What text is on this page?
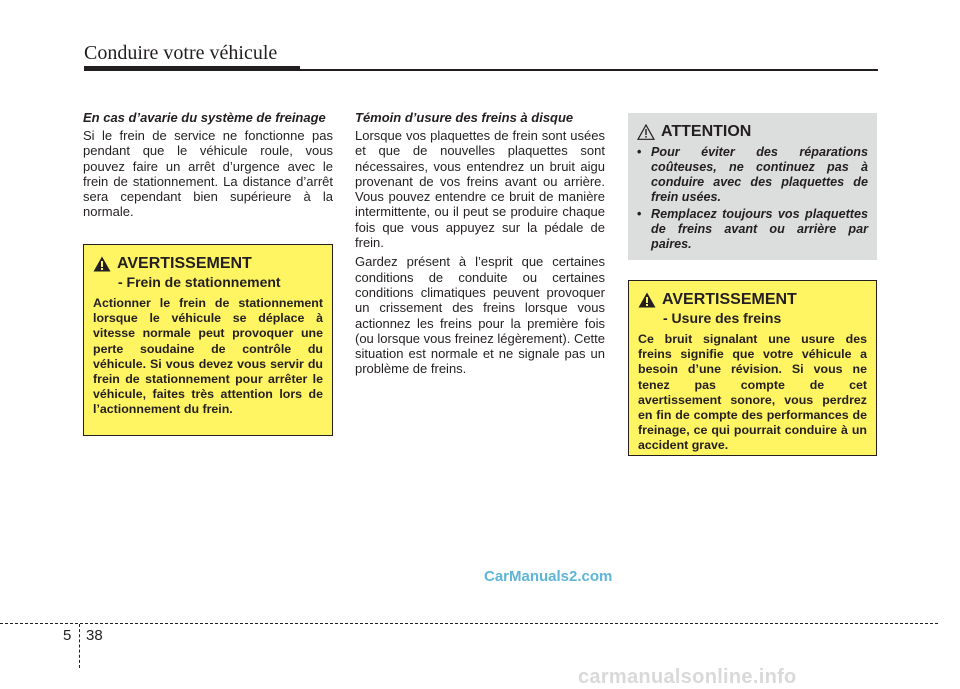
Conduire votre véhicule

En cas d’avarie du système de freinage

Si le frein de service ne fonctionne pas pendant que le véhicule roule, vous pouvez faire un arrêt d’urgence avec le frein de stationnement. La distance d’arrêt sera cependant bien supérieure à la normale.

AVERTISSEMENT
- Frein de stationnement

Actionner le frein de stationnement lorsque le véhicule se déplace à vitesse normale peut provoquer une perte soudaine de contrôle du véhicule. Si vous devez vous servir du frein de stationnement pour arrêter le véhicule, faites très attention lors de l’actionnement du frein.

Témoin d’usure des freins à disque

Lorsque vos plaquettes de frein sont usées et que de nouvelles plaquettes sont nécessaires, vous entendrez un bruit aigu provenant de vos freins avant ou arrière. Vous pouvez entendre ce bruit de manière intermittente, ou il peut se produire chaque fois que vous appuyez sur la pédale de frein.

Gardez présent à l’esprit que certaines conditions de conduite ou certaines conditions climatiques peuvent provoquer un crissement des freins lorsque vous actionnez les freins pour la première fois (ou lorsque vous freinez légèrement). Cette situation est normale et ne signale pas un problème de freins.

ATTENTION
• Pour éviter des réparations coûteuses, ne continuez pas à conduire avec des plaquettes de frein usées.
• Remplacez toujours vos plaquettes de freins avant ou arrière par paires.
AVERTISSEMENT
- Usure des freins

Ce bruit signalant une usure des freins signifie que votre véhicule a besoin d’une révision. Si vous ne tenez pas compte de cet avertissement sonore, vous perdrez en fin de compte des performances de freinage, ce qui pourrait conduire à un accident grave.

CarManuals2.com
5 38
carmanualsonline.info
